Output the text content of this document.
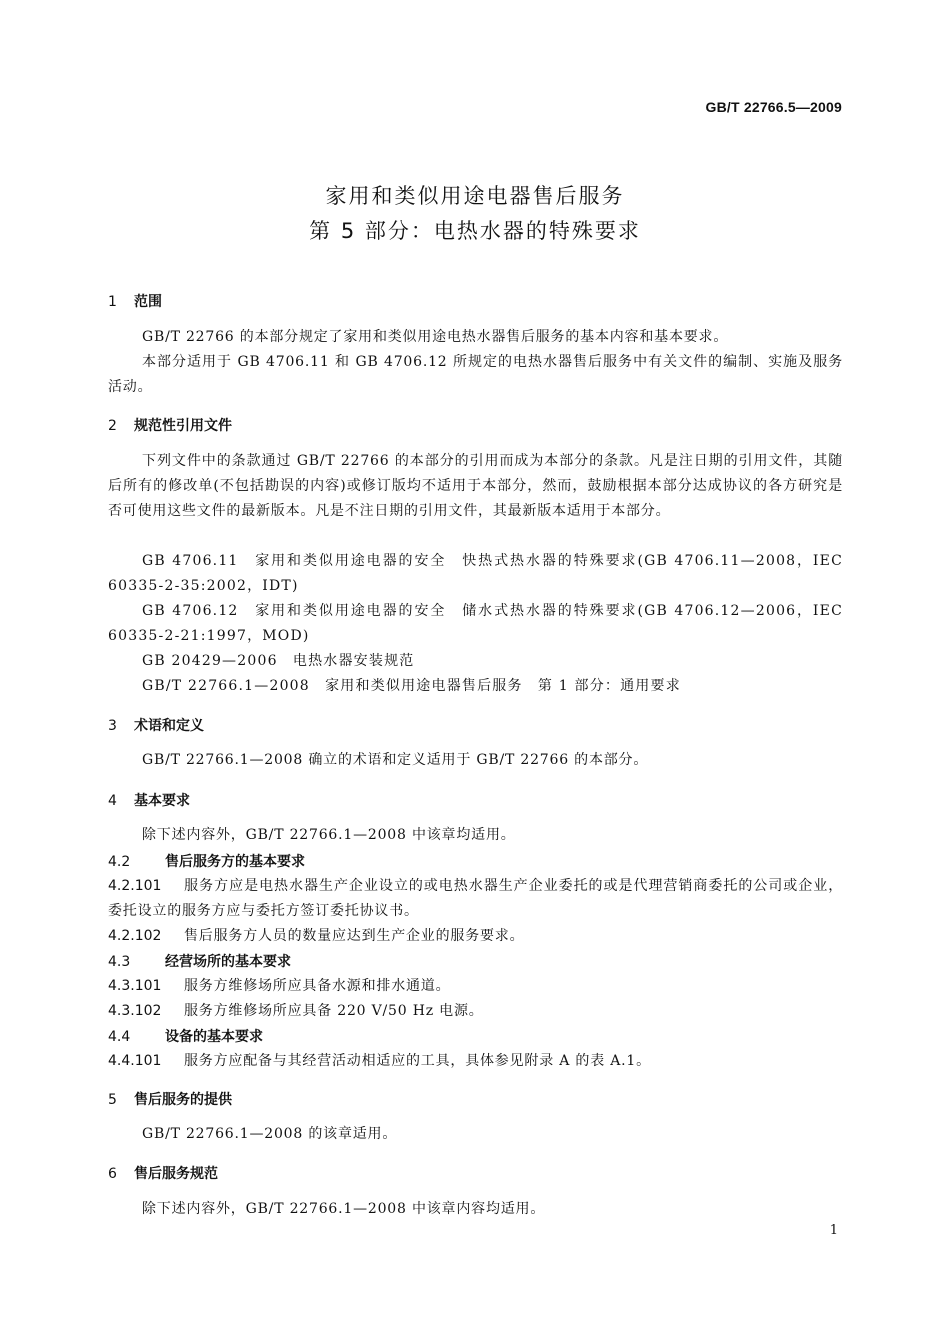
GB/T 22766.5—2009
家用和类似用途电器售后服务
第 5 部分：电热水器的特殊要求
1 范围
GB/T 22766 的本部分规定了家用和类似用途电热水器售后服务的基本内容和基本要求。
本部分适用于 GB 4706.11 和 GB 4706.12 所规定的电热水器售后服务中有关文件的编制、实施及服务活动。
2 规范性引用文件
下列文件中的条款通过 GB/T 22766 的本部分的引用而成为本部分的条款。凡是注日期的引用文件，其随后所有的修改单(不包括勘误的内容)或修订版均不适用于本部分，然而，鼓励根据本部分达成协议的各方研究是否可使用这些文件的最新版本。凡是不注日期的引用文件，其最新版本适用于本部分。
GB 4706.11　家用和类似用途电器的安全　快热式热水器的特殊要求(GB 4706.11—2008，IEC 60335-2-35:2002，IDT)
GB 4706.12　家用和类似用途电器的安全　储水式热水器的特殊要求(GB 4706.12—2006，IEC 60335-2-21:1997，MOD)
GB 20429—2006　电热水器安装规范
GB/T 22766.1—2008　家用和类似用途电器售后服务　第 1 部分：通用要求
3 术语和定义
GB/T 22766.1—2008 确立的术语和定义适用于 GB/T 22766 的本部分。
4 基本要求
除下述内容外，GB/T 22766.1—2008 中该章均适用。
4.2 售后服务方的基本要求
4.2.101 服务方应是电热水器生产企业设立的或电热水器生产企业委托的或是代理营销商委托的公司或企业，委托设立的服务方应与委托方签订委托协议书。
4.2.102 售后服务方人员的数量应达到生产企业的服务要求。
4.3 经营场所的基本要求
4.3.101 服务方维修场所应具备水源和排水通道。
4.3.102 服务方维修场所应具备 220 V/50 Hz 电源。
4.4 设备的基本要求
4.4.101 服务方应配备与其经营活动相适应的工具，具体参见附录 A 的表 A.1。
5 售后服务的提供
GB/T 22766.1—2008 的该章适用。
6 售后服务规范
除下述内容外，GB/T 22766.1—2008 中该章内容均适用。
1
